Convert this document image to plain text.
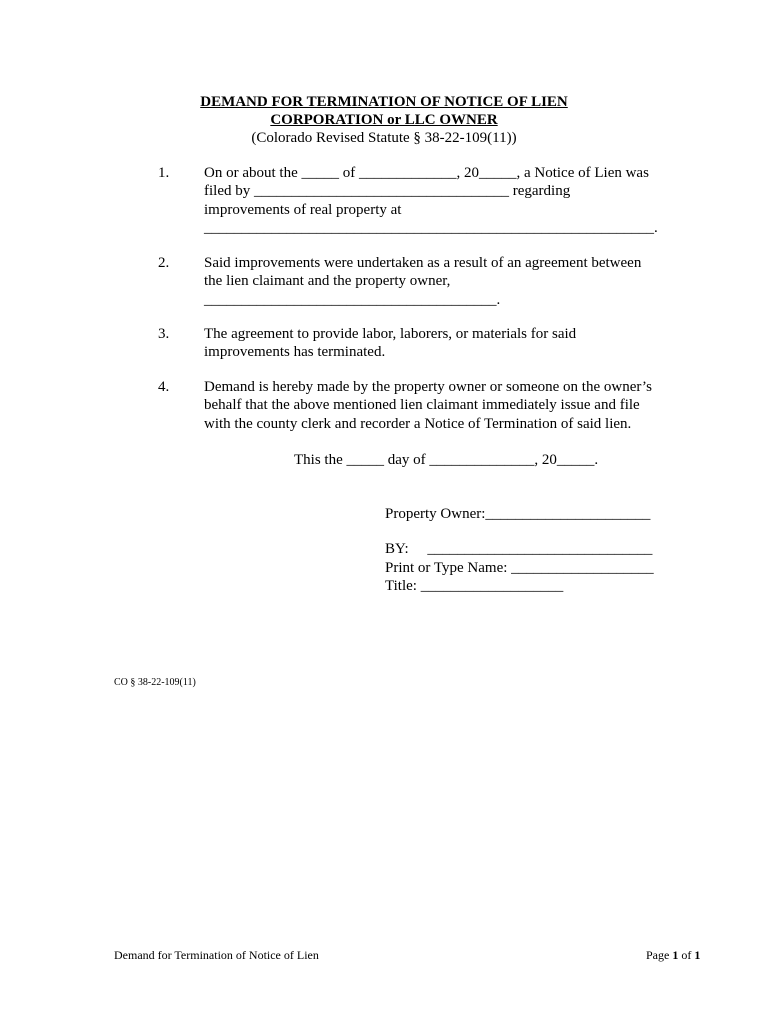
DEMAND FOR TERMINATION OF NOTICE OF LIEN
CORPORATION or LLC OWNER
(Colorado Revised Statute § 38-22-109(11))
1. On or about the _____ of _____________, 20_____, a Notice of Lien was
filed by __________________________________ regarding
improvements of real property at
____________________________________________________________.
2. Said improvements were undertaken as a result of an agreement between
the lien claimant and the property owner,
_______________________________________.
3. The agreement to provide labor, laborers, or materials for said
improvements has terminated.
4. Demand is hereby made by the property owner or someone on the owner’s
behalf that the above mentioned lien claimant immediately issue and file
with the county clerk and recorder a Notice of Termination of said lien.
This the _____ day of ______________, 20_____.
Property Owner:______________________
BY:     ______________________________
Print or Type Name: ___________________
Title: ___________________
CO § 38-22-109(11)
Demand for Termination of Notice of Lien	Page 1 of 1
